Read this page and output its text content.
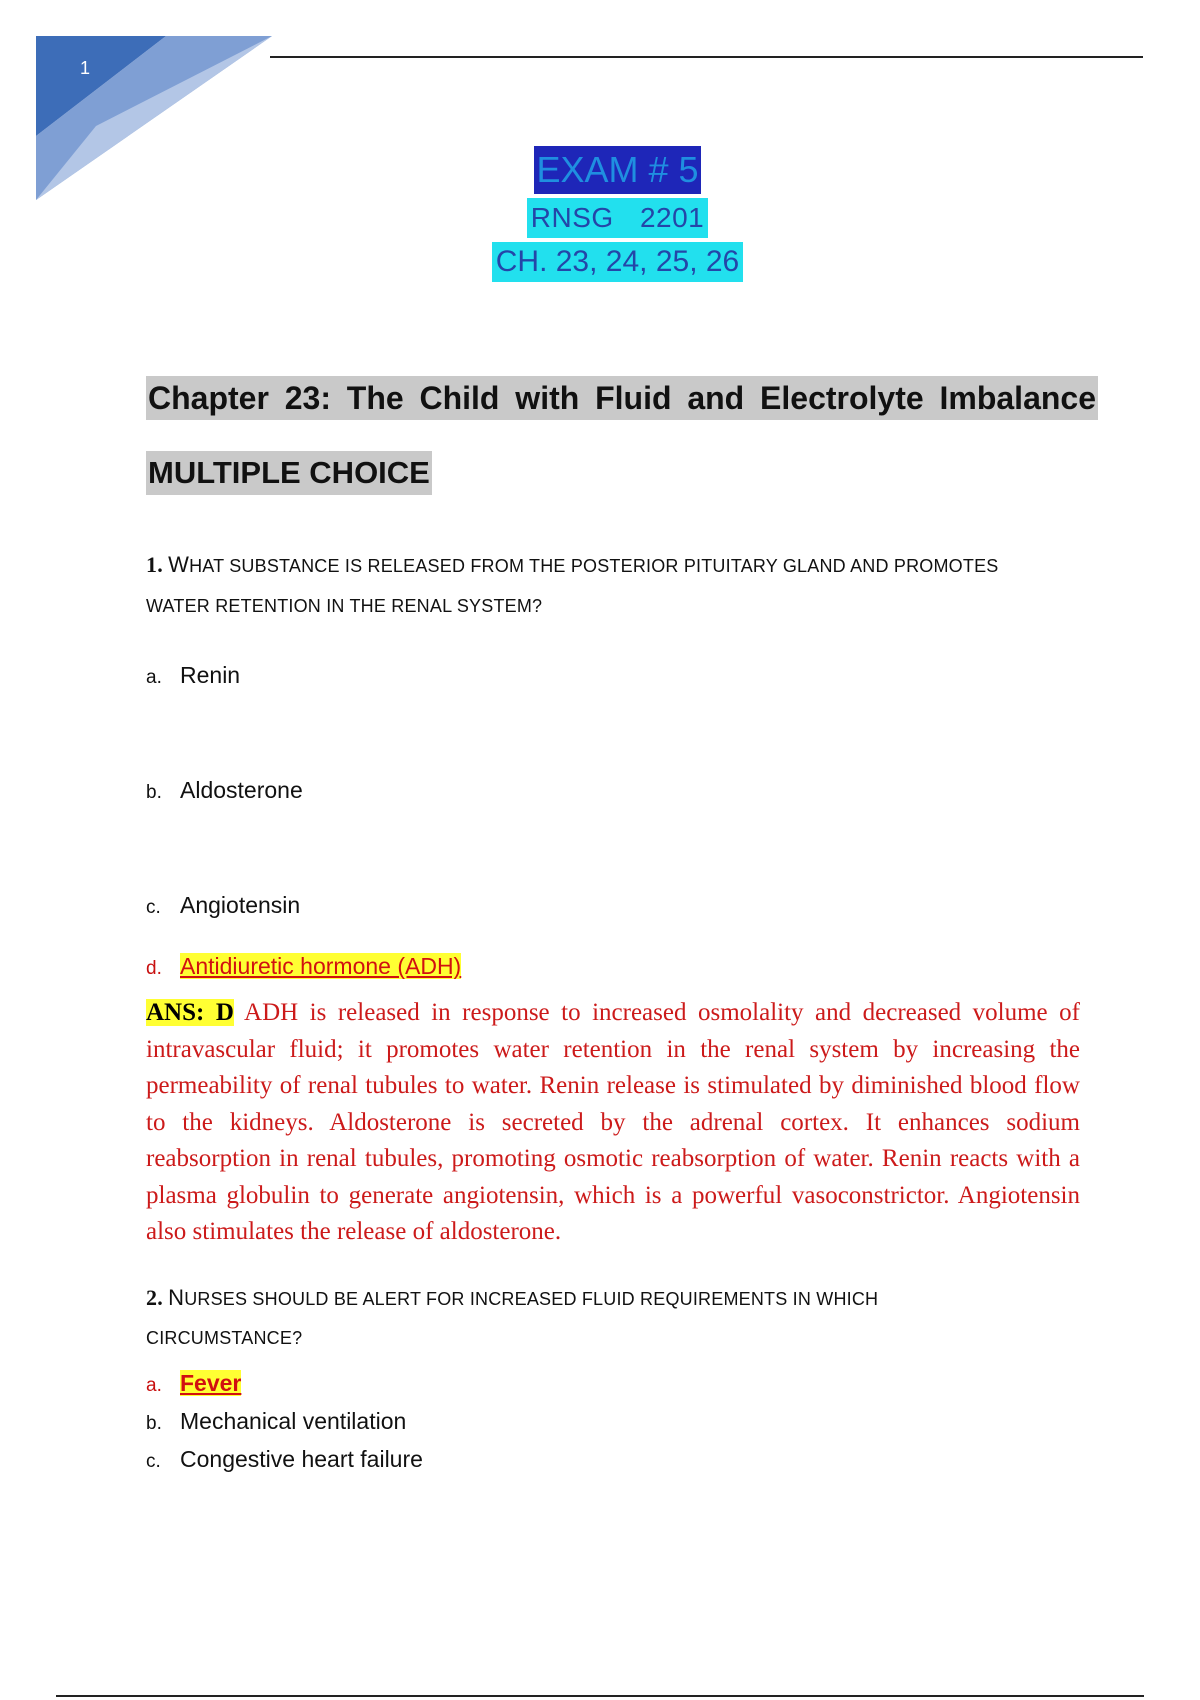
1
EXAM # 5
RNSG 2201
CH. 23, 24, 25, 26
Chapter 23: The Child with Fluid and Electrolyte Imbalance
MULTIPLE CHOICE
1. WHAT SUBSTANCE IS RELEASED FROM THE POSTERIOR PITUITARY GLAND AND PROMOTES
WATER RETENTION IN THE RENAL SYSTEM?
a. Renin
b. Aldosterone
c. Angiotensin
d. Antidiuretic hormone (ADH)
ANS: D ADH is released in response to increased osmolality and decreased volume of intravascular fluid; it promotes water retention in the renal system by increasing the permeability of renal tubules to water. Renin release is stimulated by diminished blood flow to the kidneys. Aldosterone is secreted by the adrenal cortex. It enhances sodium reabsorption in renal tubules, promoting osmotic reabsorption of water. Renin reacts with a plasma globulin to generate angiotensin, which is a powerful vasoconstrictor. Angiotensin also stimulates the release of aldosterone.
2. NURSES SHOULD BE ALERT FOR INCREASED FLUID REQUIREMENTS IN WHICH
CIRCUMSTANCE?
a. Fever
b. Mechanical ventilation
c. Congestive heart failure
